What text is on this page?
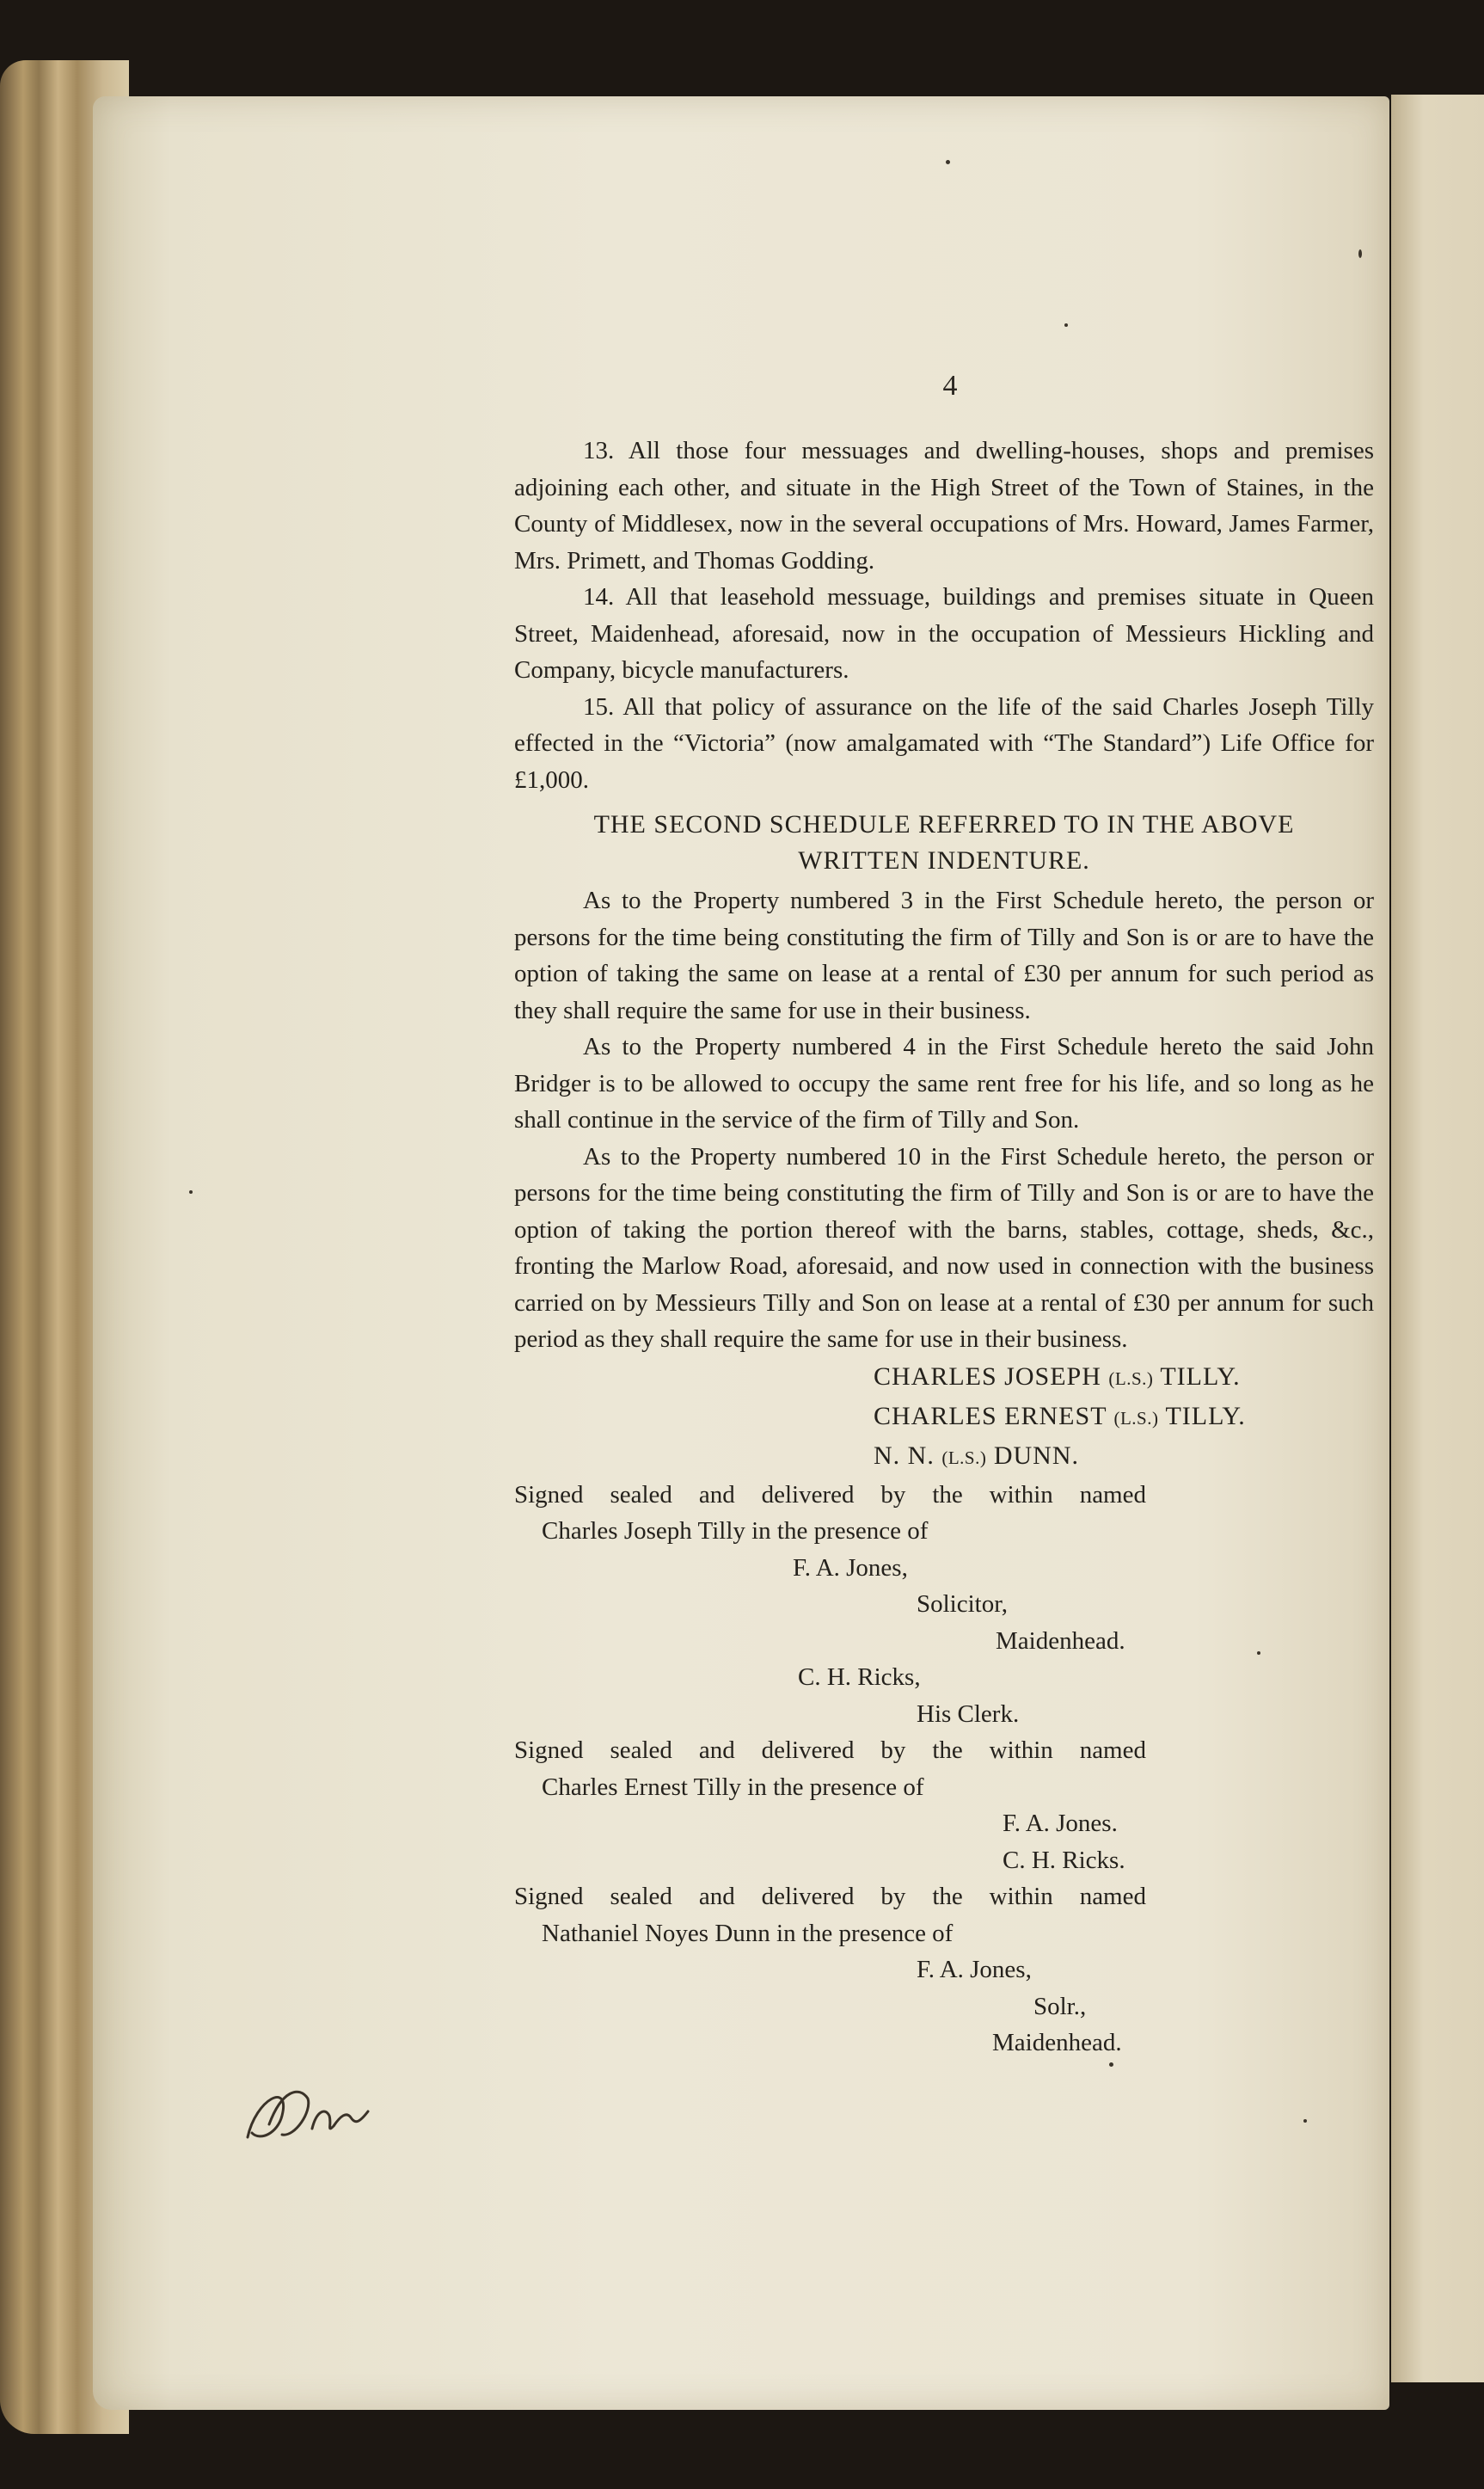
4

13. All those four messuages and dwelling-houses, shops and premises adjoining each other, and situate in the High Street of the Town of Staines, in the County of Middlesex, now in the several occupations of Mrs. Howard, James Farmer, Mrs. Primett, and Thomas Godding.

14. All that leasehold messuage, buildings and premises situate in Queen Street, Maidenhead, aforesaid, now in the occupation of Messieurs Hickling and Company, bicycle manufacturers.

15. All that policy of assurance on the life of the said Charles Joseph Tilly effected in the “Victoria” (now amalgamated with “The Standard”) Life Office for £1,000.

THE SECOND SCHEDULE REFERRED TO IN THE ABOVE
WRITTEN INDENTURE.

As to the Property numbered 3 in the First Schedule hereto, the person or persons for the time being constituting the firm of Tilly and Son is or are to have the option of taking the same on lease at a rental of £30 per annum for such period as they shall require the same for use in their business.

As to the Property numbered 4 in the First Schedule hereto the said John Bridger is to be allowed to occupy the same rent free for his life, and so long as he shall continue in the service of the firm of Tilly and Son.

As to the Property numbered 10 in the First Schedule hereto, the person or persons for the time being constituting the firm of Tilly and Son is or are to have the option of taking the portion thereof with the barns, stables, cottage, sheds, &c., fronting the Marlow Road, aforesaid, and now used in connection with the business carried on by Messieurs Tilly and Son on lease at a rental of £30 per annum for such period as they shall require the same for use in their business.

CHARLES JOSEPH (L.S.) TILLY.
CHARLES ERNEST (L.S.) TILLY.
N. N. (L.S.) DUNN.
Signed sealed and delivered by the within named
Charles Joseph Tilly in the presence of
F. A. Jones,
Solicitor,
Maidenhead.
C. H. Ricks,
His Clerk.
Signed sealed and delivered by the within named
Charles Ernest Tilly in the presence of
F. A. Jones.
C. H. Ricks.
Signed sealed and delivered by the within named
Nathaniel Noyes Dunn in the presence of
F. A. Jones,
Solr.,
Maidenhead.
